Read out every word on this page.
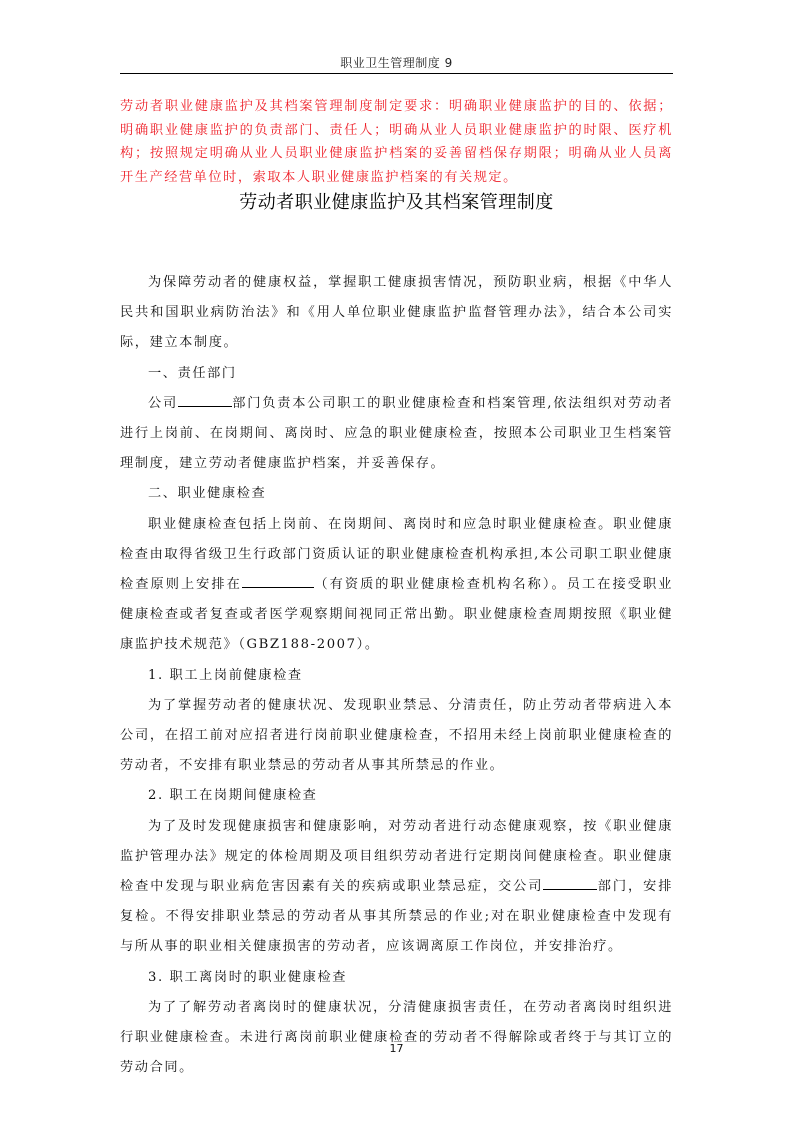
职业卫生管理制度 9
劳动者职业健康监护及其档案管理制度制定要求：明确职业健康监护的目的、依据；明确职业健康监护的负责部门、责任人；明确从业人员职业健康监护的时限、医疗机构；按照规定明确从业人员职业健康监护档案的妥善留档保存期限；明确从业人员离开生产经营单位时，索取本人职业健康监护档案的有关规定。
劳动者职业健康监护及其档案管理制度

为保障劳动者的健康权益，掌握职工健康损害情况，预防职业病，根据《中华人民共和国职业病防治法》和《用人单位职业健康监护监督管理办法》，结合本公司实际，建立本制度。

一、责任部门

公司	部门负责本公司职工的职业健康检查和档案管理,依法组织对劳动者进行上岗前、在岗期间、离岗时、应急的职业健康检查，按照本公司职业卫生档案管理制度，建立劳动者健康监护档案，并妥善保存。

二、职业健康检查

职业健康检查包括上岗前、在岗期间、离岗时和应急时职业健康检查。职业健康检查由取得省级卫生行政部门资质认证的职业健康检查机构承担,本公司职工职业健康检查原则上安排在	（有资质的职业健康检查机构名称）。员工在接受职业健康检查或者复查或者医学观察期间视同正常出勤。职业健康检查周期按照《职业健康监护技术规范》（GBZ188-2007）。

1. 职工上岗前健康检查

为了掌握劳动者的健康状况、发现职业禁忌、分清责任，防止劳动者带病进入本公司，在招工前对应招者进行岗前职业健康检查，不招用未经上岗前职业健康检查的劳动者，不安排有职业禁忌的劳动者从事其所禁忌的作业。

2. 职工在岗期间健康检查

为了及时发现健康损害和健康影响，对劳动者进行动态健康观察，按《职业健康监护管理办法》规定的体检周期及项目组织劳动者进行定期岗间健康检查。职业健康检查中发现与职业病危害因素有关的疾病或职业禁忌症，交公司	部门，安排复检。不得安排职业禁忌的劳动者从事其所禁忌的作业;对在职业健康检查中发现有与所从事的职业相关健康损害的劳动者，应该调离原工作岗位，并安排治疗。

3. 职工离岗时的职业健康检查

为了了解劳动者离岗时的健康状况，分清健康损害责任，在劳动者离岗时组织进行职业健康检查。未进行离岗前职业健康检查的劳动者不得解除或者终于与其订立的劳动合同。

17
